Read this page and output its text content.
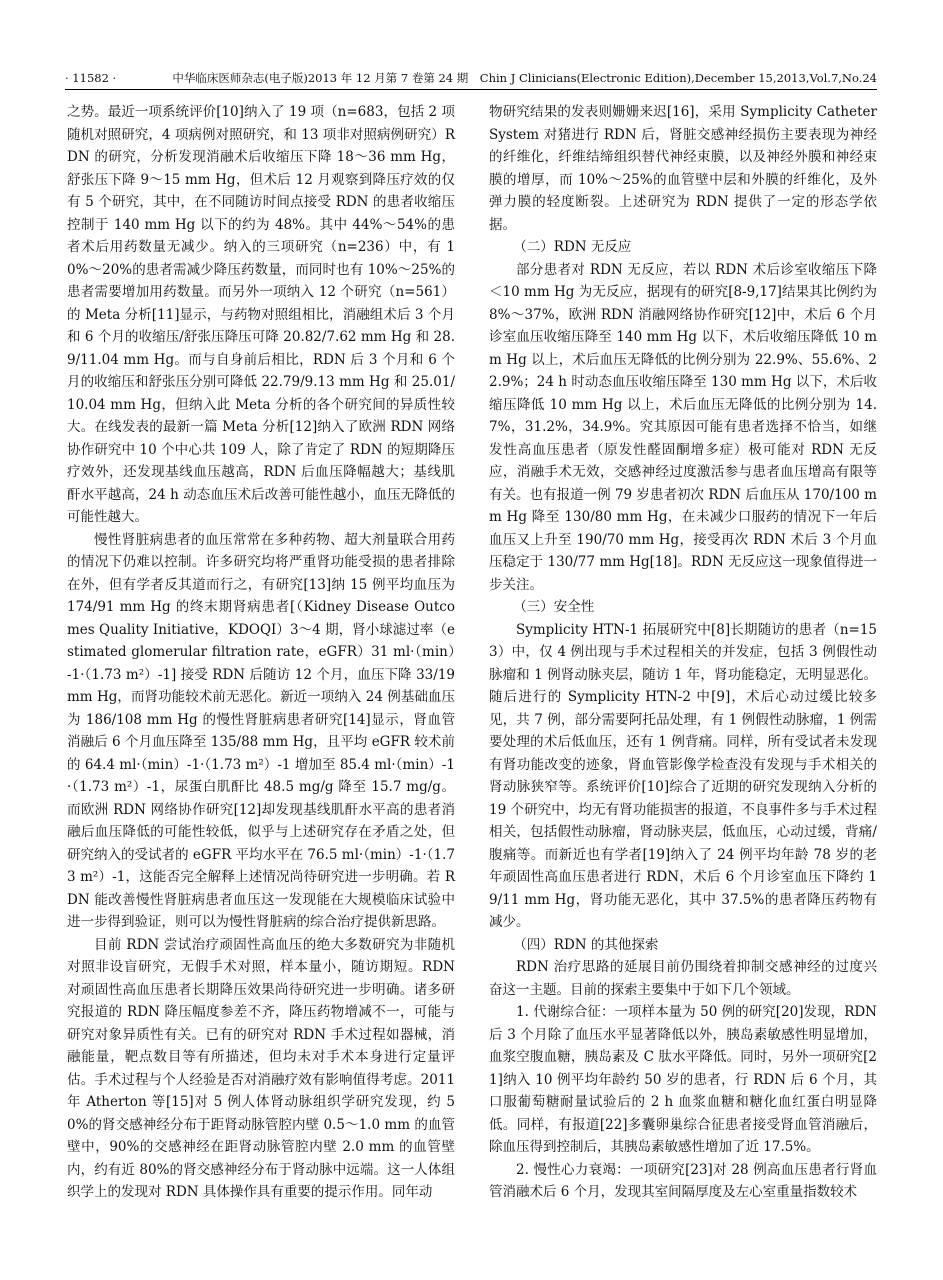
· 11582 ·	中华临床医师杂志(电子版)2013 年 12 月第 7 卷第 24 期　Chin J Clinicians(Electronic Edition),December 15,2013,Vol.7,No.24

之势。最近一项系统评价[10]纳入了 19 项（n=683，包括 2 项随机对照研究，4 项病例对照研究，和 13 项非对照病例研究）RDN 的研究，分析发现消融术后收缩压下降 18～36 mm Hg，舒张压下降 9～15 mm Hg，但术后 12 月观察到降压疗效的仅有 5 个研究，其中，在不同随访时间点接受 RDN 的患者收缩压控制于 140 mm Hg 以下的约为 48%。其中 44%～54%的患者术后用药数量无减少。纳入的三项研究（n=236）中，有 10%～20%的患者需减少降压药数量，而同时也有 10%～25%的患者需要增加用药数量。而另外一项纳入 12 个研究（n=561）的 Meta 分析[11]显示，与药物对照组相比，消融组术后 3 个月和 6 个月的收缩压/舒张压降压可降 20.82/7.62 mm Hg 和 28.9/11.04 mm Hg。而与自身前后相比，RDN 后 3 个月和 6 个月的收缩压和舒张压分别可降低 22.79/9.13 mm Hg 和 25.01/10.04 mm Hg，但纳入此 Meta 分析的各个研究间的异质性较大。在线发表的最新一篇 Meta 分析[12]纳入了欧洲 RDN 网络协作研究中 10 个中心共 109 人，除了肯定了 RDN 的短期降压疗效外，还发现基线血压越高，RDN 后血压降幅越大；基线肌酐水平越高，24 h 动态血压术后改善可能性越小，血压无降低的可能性越大。

慢性肾脏病患者的血压常常在多种药物、超大剂量联合用药的情况下仍难以控制。许多研究均将严重肾功能受损的患者排除在外，但有学者反其道而行之，有研究[13]纳 15 例平均血压为 174/91 mm Hg 的终末期肾病患者[（Kidney Disease Outcomes Quality Initiative，KDOQI）3～4 期，肾小球滤过率（estimated glomerular filtration rate，eGFR）31 ml·（min）-1·（1.73 m²）-1] 接受 RDN 后随访 12 个月，血压下降 33/19 mm Hg，而肾功能较术前无恶化。新近一项纳入 24 例基础血压为 186/108 mm Hg 的慢性肾脏病患者研究[14]显示，肾血管消融后 6 个月血压降至 135/88 mm Hg，且平均 eGFR 较术前的 64.4 ml·（min）-1·（1.73 m²）-1 增加至 85.4 ml·（min）-1·（1.73 m²）-1，尿蛋白肌酐比 48.5 mg/g 降至 15.7 mg/g。而欧洲 RDN 网络协作研究[12]却发现基线肌酐水平高的患者消融后血压降低的可能性较低，似乎与上述研究存在矛盾之处，但研究纳入的受试者的 eGFR 平均水平在 76.5 ml·（min）-1·（1.73 m²）-1，这能否完全解释上述情况尚待研究进一步明确。若 RDN 能改善慢性肾脏病患者血压这一发现能在大规模临床试验中进一步得到验证，则可以为慢性肾脏病的综合治疗提供新思路。

目前 RDN 尝试治疗顽固性高血压的绝大多数研究为非随机对照非设盲研究，无假手术对照，样本量小，随访期短。RDN 对顽固性高血压患者长期降压效果尚待研究进一步明确。诸多研究报道的 RDN 降压幅度参差不齐，降压药物增减不一，可能与研究对象异质性有关。已有的研究对 RDN 手术过程如器械，消融能量，靶点数目等有所描述，但均未对手术本身进行定量评估。手术过程与个人经验是否对消融疗效有影响值得考虑。2011 年 Atherton 等[15]对 5 例人体肾动脉组织学研究发现，约 50%的肾交感神经分布于距肾动脉管腔内壁 0.5～1.0 mm 的血管壁中，90%的交感神经在距肾动脉管腔内壁 2.0 mm 的血管壁内，约有近 80%的肾交感神经分布于肾动脉中远端。这一人体组织学上的发现对 RDN 具体操作具有重要的提示作用。同年动

物研究结果的发表则姗姗来迟[16]，采用 Symplicity Catheter System 对猪进行 RDN 后，肾脏交感神经损伤主要表现为神经的纤维化，纤维结缔组织替代神经束膜，以及神经外膜和神经束膜的增厚，而 10%～25%的血管壁中层和外膜的纤维化，及外弹力膜的轻度断裂。上述研究为 RDN 提供了一定的形态学依据。

（二）RDN 无反应

部分患者对 RDN 无反应，若以 RDN 术后诊室收缩压下降＜10 mm Hg 为无反应，据现有的研究[8-9,17]结果其比例约为 8%～37%，欧洲 RDN 消融网络协作研究[12]中，术后 6 个月诊室血压收缩压降至 140 mm Hg 以下，术后收缩压降低 10 mm Hg 以上，术后血压无降低的比例分别为 22.9%、55.6%、22.9%；24 h 时动态血压收缩压降至 130 mm Hg 以下，术后收缩压降低 10 mm Hg 以上，术后血压无降低的比例分别为 14.7%，31.2%，34.9%。究其原因可能有患者选择不恰当，如继发性高血压患者（原发性醛固酮增多症）极可能对 RDN 无反应，消融手术无效，交感神经过度激活参与患者血压增高有限等有关。也有报道一例 79 岁患者初次 RDN 后血压从 170/100 mm Hg 降至 130/80 mm Hg，在未减少口服药的情况下一年后血压又上升至 190/70 mm Hg，接受再次 RDN 术后 3 个月血压稳定于 130/77 mm Hg[18]。RDN 无反应这一现象值得进一步关注。

（三）安全性

Symplicity HTN-1 拓展研究中[8]长期随访的患者（n=153）中，仅 4 例出现与手术过程相关的并发症，包括 3 例假性动脉瘤和 1 例肾动脉夹层，随访 1 年，肾功能稳定，无明显恶化。随后进行的 Symplicity HTN-2 中[9]，术后心动过缓比较多见，共 7 例，部分需要阿托品处理，有 1 例假性动脉瘤，1 例需要处理的术后低血压，还有 1 例背痛。同样，所有受试者未发现有肾功能改变的迹象，肾血管影像学检查没有发现与手术相关的肾动脉狭窄等。系统评价[10]综合了近期的研究发现纳入分析的 19 个研究中，均无有肾功能损害的报道，不良事件多与手术过程相关，包括假性动脉瘤，肾动脉夹层，低血压，心动过缓，背痛/腹痛等。而新近也有学者[19]纳入了 24 例平均年龄 78 岁的老年顽固性高血压患者进行 RDN，术后 6 个月诊室血压下降约 19/11 mm Hg，肾功能无恶化，其中 37.5%的患者降压药物有减少。

（四）RDN 的其他探索

RDN 治疗思路的延展目前仍围绕着抑制交感神经的过度兴奋这一主题。目前的探索主要集中于如下几个领域。

1. 代谢综合征：一项样本量为 50 例的研究[20]发现，RDN 后 3 个月除了血压水平显著降低以外，胰岛素敏感性明显增加，血浆空腹血糖，胰岛素及 C 肽水平降低。同时，另外一项研究[21]纳入 10 例平均年龄约 50 岁的患者，行 RDN 后 6 个月，其口服葡萄糖耐量试验后的 2 h 血浆血糖和糖化血红蛋白明显降低。同样，有报道[22]多囊卵巢综合征患者接受肾血管消融后，除血压得到控制后，其胰岛素敏感性增加了近 17.5%。

2. 慢性心力衰竭：一项研究[23]对 28 例高血压患者行肾血管消融术后 6 个月，发现其室间隔厚度及左心室重量指数较术
